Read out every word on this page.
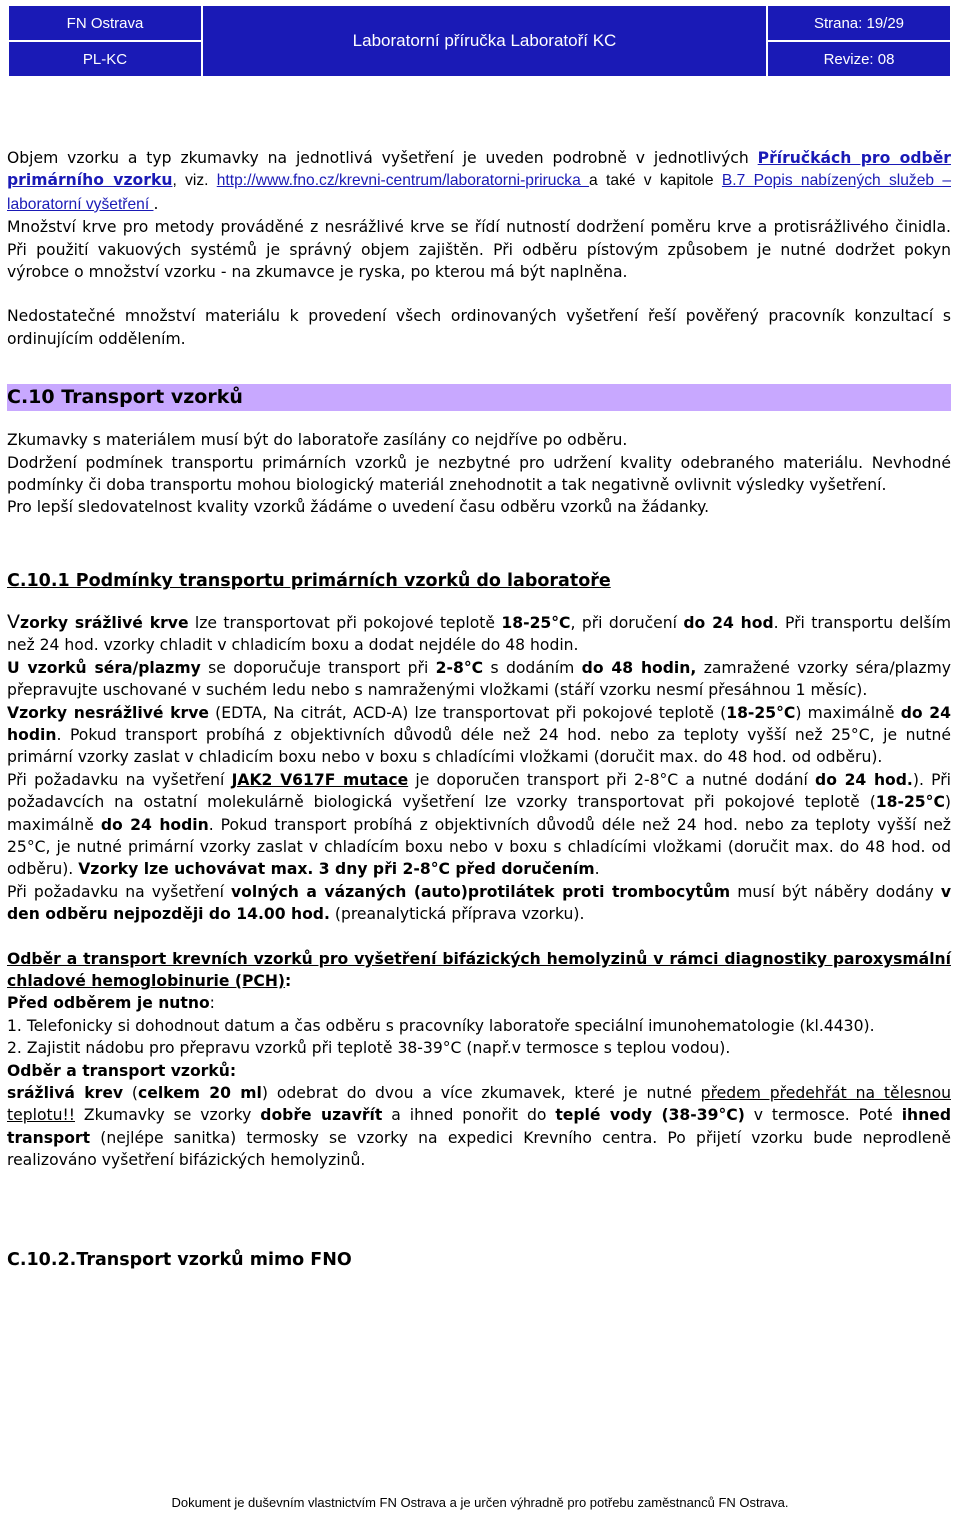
FN Ostrava	Laboratorní příručka Laboratoří KC	Strana: 19/29
PL-KC		Revize: 08

Objem vzorku a typ zkumavky na jednotlivá vyšetření je uveden podrobně v jednotlivých Příručkách pro odběr primárního vzorku, viz. http://www.fno.cz/krevni-centrum/laboratorni-prirucka a také v kapitole B.7 Popis nabízených služeb – laboratorní vyšetření .

Množství krve pro metody prováděné z nesrážlivé krve se řídí nutností dodržení poměru krve a protisrážlivého činidla. Při použití vakuových systémů je správný objem zajištěn. Při odběru pístovým způsobem je nutné dodržet pokyn výrobce o množství vzorku - na zkumavce je ryska, po kterou má být naplněna.

Nedostatečné množství materiálu k provedení všech ordinovaných vyšetření řeší pověřený pracovník konzultací s ordinujícím oddělením.

C.10 Transport vzorků

Zkumavky s materiálem musí být do laboratoře zasílány co nejdříve po odběru.

Dodržení podmínek transportu primárních vzorků je nezbytné pro udržení kvality odebraného materiálu. Nevhodné podmínky či doba transportu mohou biologický materiál znehodnotit a tak negativně ovlivnit výsledky vyšetření.

Pro lepší sledovatelnost kvality vzorků žádáme o uvedení času odběru vzorků na žádanky.

C.10.1 Podmínky transportu primárních vzorků do laboratoře

Vzorky srážlivé krve lze transportovat při pokojové teplotě 18-25°C, při doručení do 24 hod. Při transportu delším než 24 hod. vzorky chladit v chladicím boxu a dodat nejdéle do 48 hodin.

U vzorků séra/plazmy se doporučuje transport při 2-8°C s dodáním do 48 hodin, zamražené vzorky séra/plazmy přepravujte uschované v suchém ledu nebo s namraženými vložkami (stáří vzorku nesmí přesáhnou 1 měsíc).

Vzorky nesrážlivé krve (EDTA, Na citrát, ACD-A) lze transportovat při pokojové teplotě (18-25°C) maximálně do 24 hodin. Pokud transport probíhá z objektivních důvodů déle než 24 hod. nebo za teploty vyšší než 25°C, je nutné primární vzorky zaslat v chladicím boxu nebo v boxu s chladícími vložkami (doručit max. do 48 hod. od odběru).

Při požadavku na vyšetření JAK2 V617F mutace je doporučen transport při 2-8°C a nutné dodání do 24 hod.). Při požadavcích na ostatní molekulárně biologická vyšetření lze vzorky transportovat při pokojové teplotě (18-25°C) maximálně do 24 hodin. Pokud transport probíhá z objektivních důvodů déle než 24 hod. nebo za teploty vyšší než 25°C, je nutné primární vzorky zaslat v chladícím boxu nebo v boxu s chladícími vložkami (doručit max. do 48 hod. od odběru). Vzorky lze uchovávat max. 3 dny při 2-8°C před doručením.

Při požadavku na vyšetření volných a vázaných (auto)protilátek proti trombocytům musí být náběry dodány v den odběru nejpozději do 14.00 hod. (preanalytická příprava vzorku).

Odběr a transport krevních vzorků pro vyšetření bifázických hemolyzinů v rámci diagnostiky paroxysmální chladové hemoglobinurie (PCH):

Před odběrem je nutno:

1. Telefonicky si dohodnout datum a čas odběru s pracovníky laboratoře speciální imunohematologie (kl.4430).

2. Zajistit nádobu pro přepravu vzorků při teplotě 38-39°C (např.v termosce s teplou vodou).

Odběr a transport vzorků:

srážlivá krev (celkem 20 ml) odebrat do dvou a více zkumavek, které je nutné předem předehřát na tělesnou teplotu!! Zkumavky se vzorky dobře uzavřít a ihned ponořit do teplé vody (38-39°C) v termosce. Poté ihned transport (nejlépe sanitka) termosky se vzorky na expedici Krevního centra. Po přijetí vzorku bude neprodleně realizováno vyšetření bifázických hemolyzinů.

C.10.2.Transport vzorků mimo FNO
Dokument je duševním vlastnictvím FN Ostrava a je určen výhradně pro potřebu zaměstnanců FN Ostrava.
